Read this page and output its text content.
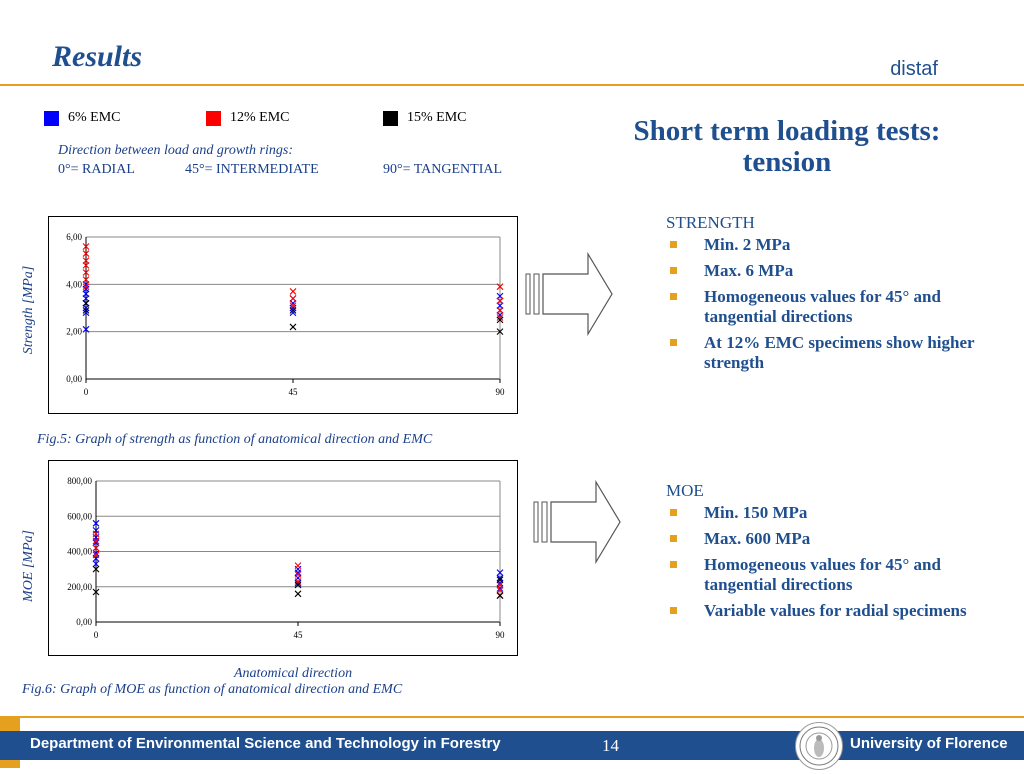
Results	distaf
6% EMC	12% EMC	15% EMC
Direction between load and growth rings:
0°= RADIAL	45°= INTERMEDIATE	90°= TANGENTIAL
Short term loading tests: tension
0,00
2,00
4,00
6,00
0	45	90
Strength [MPa]
Fig.5: Graph of strength as function of anatomical direction and EMC
0,00
200,00
400,00
600,00
800,00
0	45	90
MOE [MPa]
Anatomical direction
Fig.6: Graph of MOE as function of anatomical direction and EMC
STRENGTH
Min. 2 MPa
Max. 6 MPa
Homogeneous values for 45° and tangential directions
At 12% EMC specimens show higher strength
MOE
Min. 150 MPa
Max. 600 MPa
Homogeneous values for 45° and tangential directions
Variable values for radial specimens
Department of Environmental Science and Technology in Forestry	14	University of Florence
